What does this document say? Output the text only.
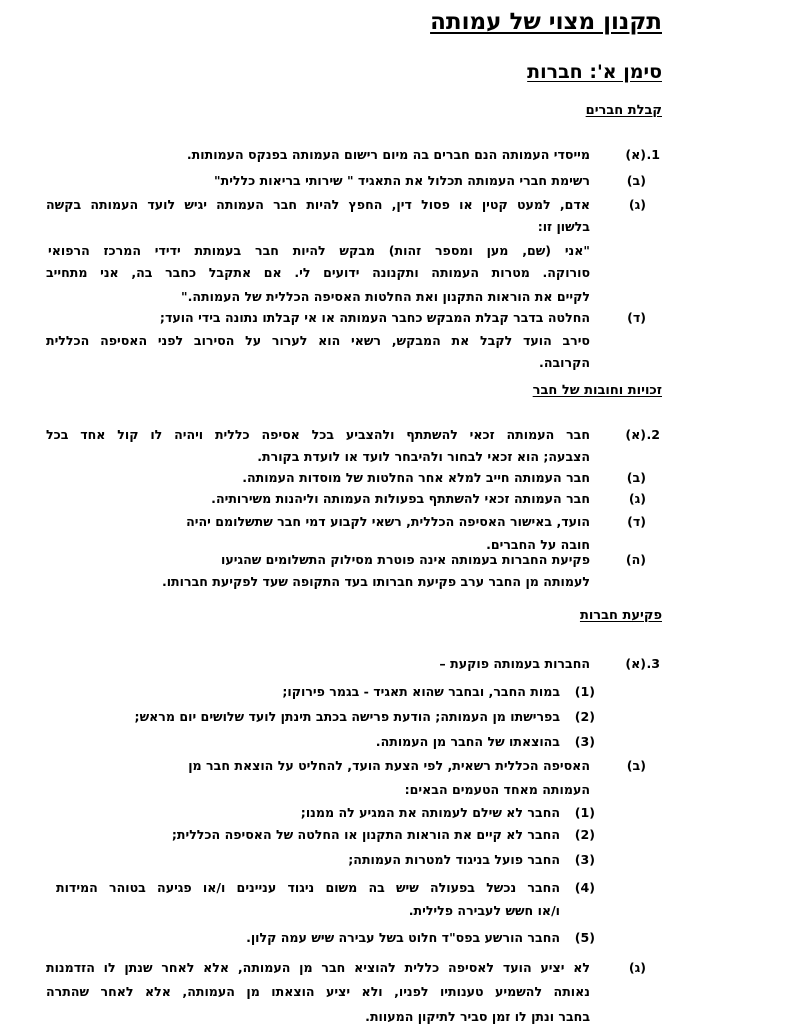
תקנון מצוי של עמותה
סימן א': חברות
קבלת חברים
.1
(א)
מייסדי העמותה הנם חברים בה מיום רישום העמותה בפנקס העמותות.
(ב)
רשימת חברי העמותה תכלול את התאגיד " שירותי בריאות כללית"
(ג)
אדם, למעט קטין או פסול דין, החפץ להיות חבר העמותה יגיש לועד העמותה בקשה
בלשון זו:
"אני (שם, מען ומספר זהות) מבקש להיות חבר בעמותת ידידי המרכז הרפואי
סורוקה. מטרות העמותה ותקנונה ידועים לי. אם אתקבל כחבר בה, אני מתחייב
לקיים את הוראות התקנון ואת החלטות האסיפה הכללית של העמותה."
(ד)
החלטה בדבר קבלת המבקש כחבר העמותה או אי קבלתו נתונה בידי הועד;
סירב הועד לקבל את המבקש, רשאי הוא לערור על הסירוב לפני האסיפה הכללית
הקרובה.
זכויות וחובות של חבר
.2
(א)
חבר העמותה זכאי להשתתף ולהצביע בכל אסיפה כללית ויהיה לו קול אחד בכל
הצבעה; הוא זכאי לבחור ולהיבחר לועד או לועדת בקורת.
(ב)
חבר העמותה חייב למלא אחר החלטות של מוסדות העמותה.
(ג)
חבר העמותה זכאי להשתתף בפעולות העמותה וליהנות משירותיה.
(ד)
הועד, באישור האסיפה הכללית, רשאי לקבוע דמי חבר שתשלומם יהיה
חובה על החברים.
(ה)
פקיעת החברות בעמותה אינה פוטרת מסילוק התשלומים שהגיעו
לעמותה מן החבר ערב פקיעת חברותו בעד התקופה שעד לפקיעת חברותו.
פקיעת חברות
.3
(א)
החברות בעמותה פוקעת –
(1)
במות החבר, ובחבר שהוא תאגיד - בגמר פירוקו;
(2)
בפרישתו מן העמותה; הודעת פרישה בכתב תינתן לועד שלושים יום מראש;
(3)
בהוצאתו של החבר מן העמותה.
(ב)
האסיפה הכללית רשאית, לפי הצעת הועד, להחליט על הוצאת חבר מן
העמותה מאחד הטעמים הבאים:
(1)
החבר לא שילם לעמותה את המגיע לה ממנו;
(2)
החבר לא קיים את הוראות התקנון או החלטה של האסיפה הכללית;
(3)
החבר פועל בניגוד למטרות העמותה;
(4)
החבר נכשל בפעולה שיש בה משום ניגוד עניינים ו/או פגיעה בטוהר המידות
ו/או חשש לעבירה פלילית.
(5)
החבר הורשע בפס"ד חלוט בשל עבירה שיש עמה קלון.
(ג)
לא יציע הועד לאסיפה כללית להוציא חבר מן העמותה, אלא לאחר שנתן לו הזדמנות
נאותה להשמיע טענותיו לפניו, ולא יציע הוצאתו מן העמותה, אלא לאחר שהתרה
בחבר ונתן לו זמן סביר לתיקון המעוות.
